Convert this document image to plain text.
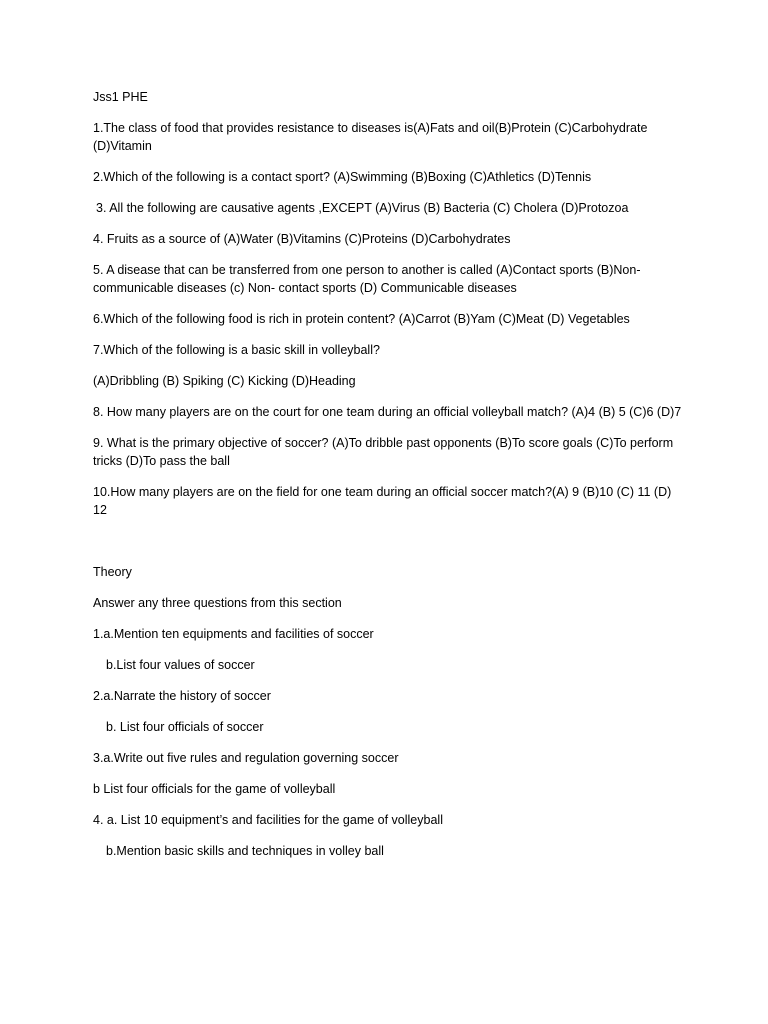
Jss1 PHE

1.The class of food that provides resistance to diseases is(A)Fats and oil(B)Protein (C)Carbohydrate (D)Vitamin

2.Which of the following is a contact sport? (A)Swimming (B)Boxing (C)Athletics (D)Tennis

3. All the following are causative agents ,EXCEPT (A)Virus (B) Bacteria (C) Cholera (D)Protozoa

4. Fruits as a source of (A)Water (B)Vitamins (C)Proteins (D)Carbohydrates

5. A disease that can be transferred from one person to another is called (A)Contact sports (B)Non- communicable diseases (c) Non- contact sports (D) Communicable diseases

6.Which of the following food is rich in protein content? (A)Carrot (B)Yam (C)Meat (D) Vegetables

7.Which of the following is a basic skill in volleyball?

(A)Dribbling (B) Spiking (C) Kicking (D)Heading

8. How many players are on the court for one team during an official volleyball match? (A)4 (B) 5 (C)6 (D)7

9. What is the primary objective of soccer? (A)To dribble past opponents (B)To score goals (C)To perform tricks (D)To pass the ball

10.How many players are on the field for one team during an official soccer match?(A) 9 (B)10 (C) 11 (D) 12

Theory

Answer any three questions from this section

1.a.Mention ten equipments and facilities of soccer

b.List four values of soccer

2.a.Narrate the history of soccer

b. List four officials of soccer

3.a.Write out five rules and regulation governing soccer

b List four officials for the game of volleyball

4. a. List 10 equipment’s and facilities for the game of volleyball

b.Mention basic skills and techniques in volley ball
